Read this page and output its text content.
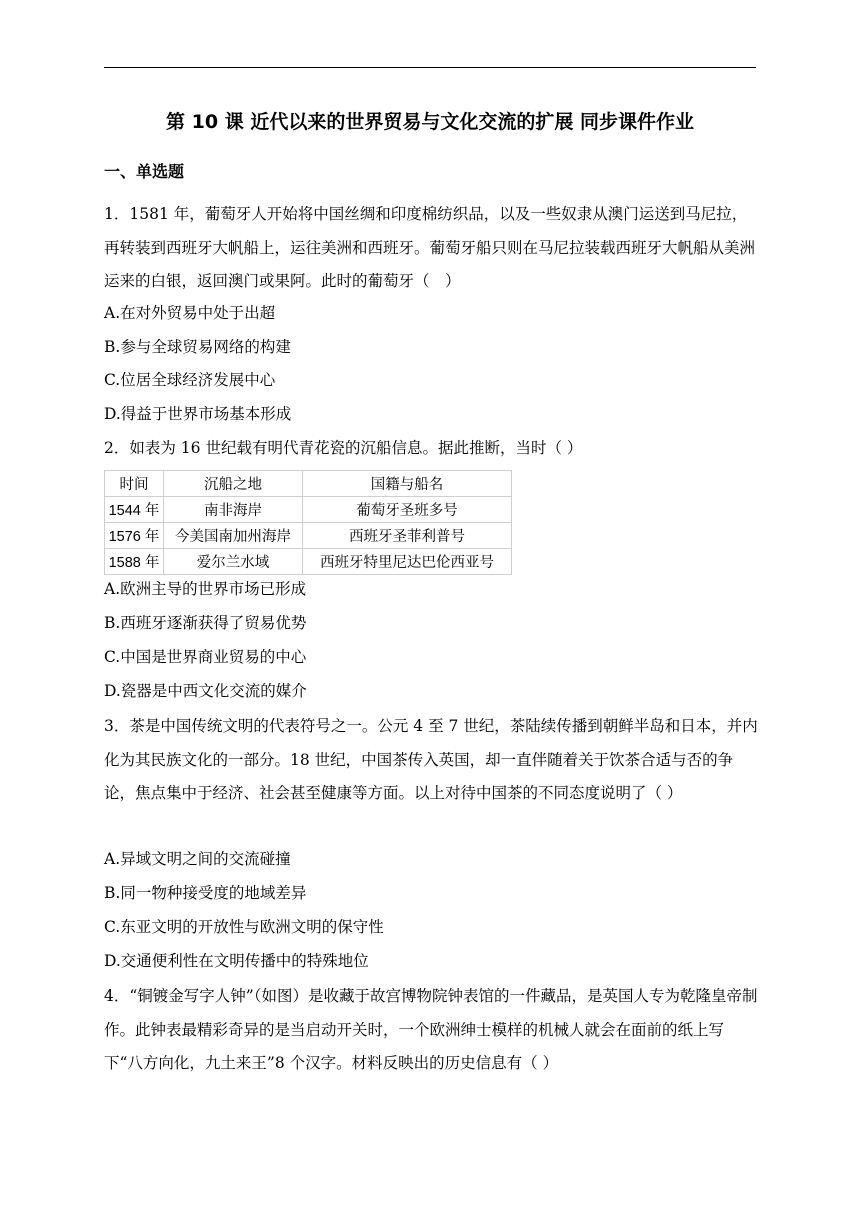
第 10 课 近代以来的世界贸易与文化交流的扩展 同步课件作业
一、单选题
1．1581 年，葡萄牙人开始将中国丝绸和印度棉纺织品，以及一些奴隶从澳门运送到马尼拉，再转装到西班牙大帆船上，运往美洲和西班牙。葡萄牙船只则在马尼拉装载西班牙大帆船从美洲运来的白银，返回澳门或果阿。此时的葡萄牙（　）
A.在对外贸易中处于出超
B.参与全球贸易网络的构建
C.位居全球经济发展中心
D.得益于世界市场基本形成
2．如表为 16 世纪载有明代青花瓷的沉船信息。据此推断，当时（ ）
时间	沉船之地	国籍与船名
1544 年	南非海岸	葡萄牙圣班多号
1576 年	今美国南加州海岸	西班牙圣菲利普号
1588 年	爱尔兰水域	西班牙特里尼达巴伦西亚号
A.欧洲主导的世界市场已形成
B.西班牙逐渐获得了贸易优势
C.中国是世界商业贸易的中心
D.瓷器是中西文化交流的媒介
3．茶是中国传统文明的代表符号之一。公元 4 至 7 世纪，茶陆续传播到朝鲜半岛和日本，并内化为其民族文化的一部分。18 世纪，中国茶传入英国，却一直伴随着关于饮茶合适与否的争论，焦点集中于经济、社会甚至健康等方面。以上对待中国茶的不同态度说明了（ ）
A.异域文明之间的交流碰撞
B.同一物种接受度的地域差异
C.东亚文明的开放性与欧洲文明的保守性
D.交通便利性在文明传播中的特殊地位
4．“铜镀金写字人钟”（如图）是收藏于故宫博物院钟表馆的一件藏品，是英国人专为乾隆皇帝制作。此钟表最精彩奇异的是当启动开关时，一个欧洲绅士模样的机械人就会在面前的纸上写下“八方向化，九土来王”8 个汉字。材料反映出的历史信息有（ ）
